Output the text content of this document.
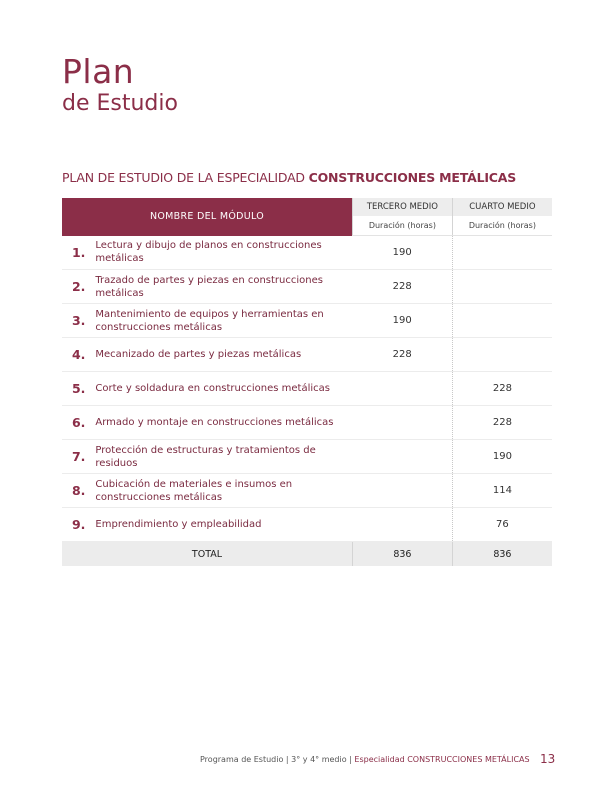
Plan
de Estudio
PLAN DE ESTUDIO DE LA ESPECIALIDAD CONSTRUCCIONES METÁLICAS
NOMBRE DEL MÓDULO		TERCERO MEDIO	CUARTO MEDIO
		Duración (horas)	Duración (horas)
1.	Lectura y dibujo de planos en construcciones metálicas	190	
2.	Trazado de partes y piezas en construcciones metálicas	228	
3.	Mantenimiento de equipos y herramientas en construcciones metálicas	190	
4.	Mecanizado de partes y piezas metálicas	228	
5.	Corte y soldadura en construcciones metálicas		228
6.	Armado y montaje en construcciones metálicas		228
7.	Protección de estructuras y tratamientos de residuos		190
8.	Cubicación de materiales e insumos en construcciones metálicas		114
9.	Emprendimiento y empleabilidad		76
TOTAL		836	836
Programa de Estudio | 3° y 4° medio | Especialidad CONSTRUCCIONES METÁLICAS 13
